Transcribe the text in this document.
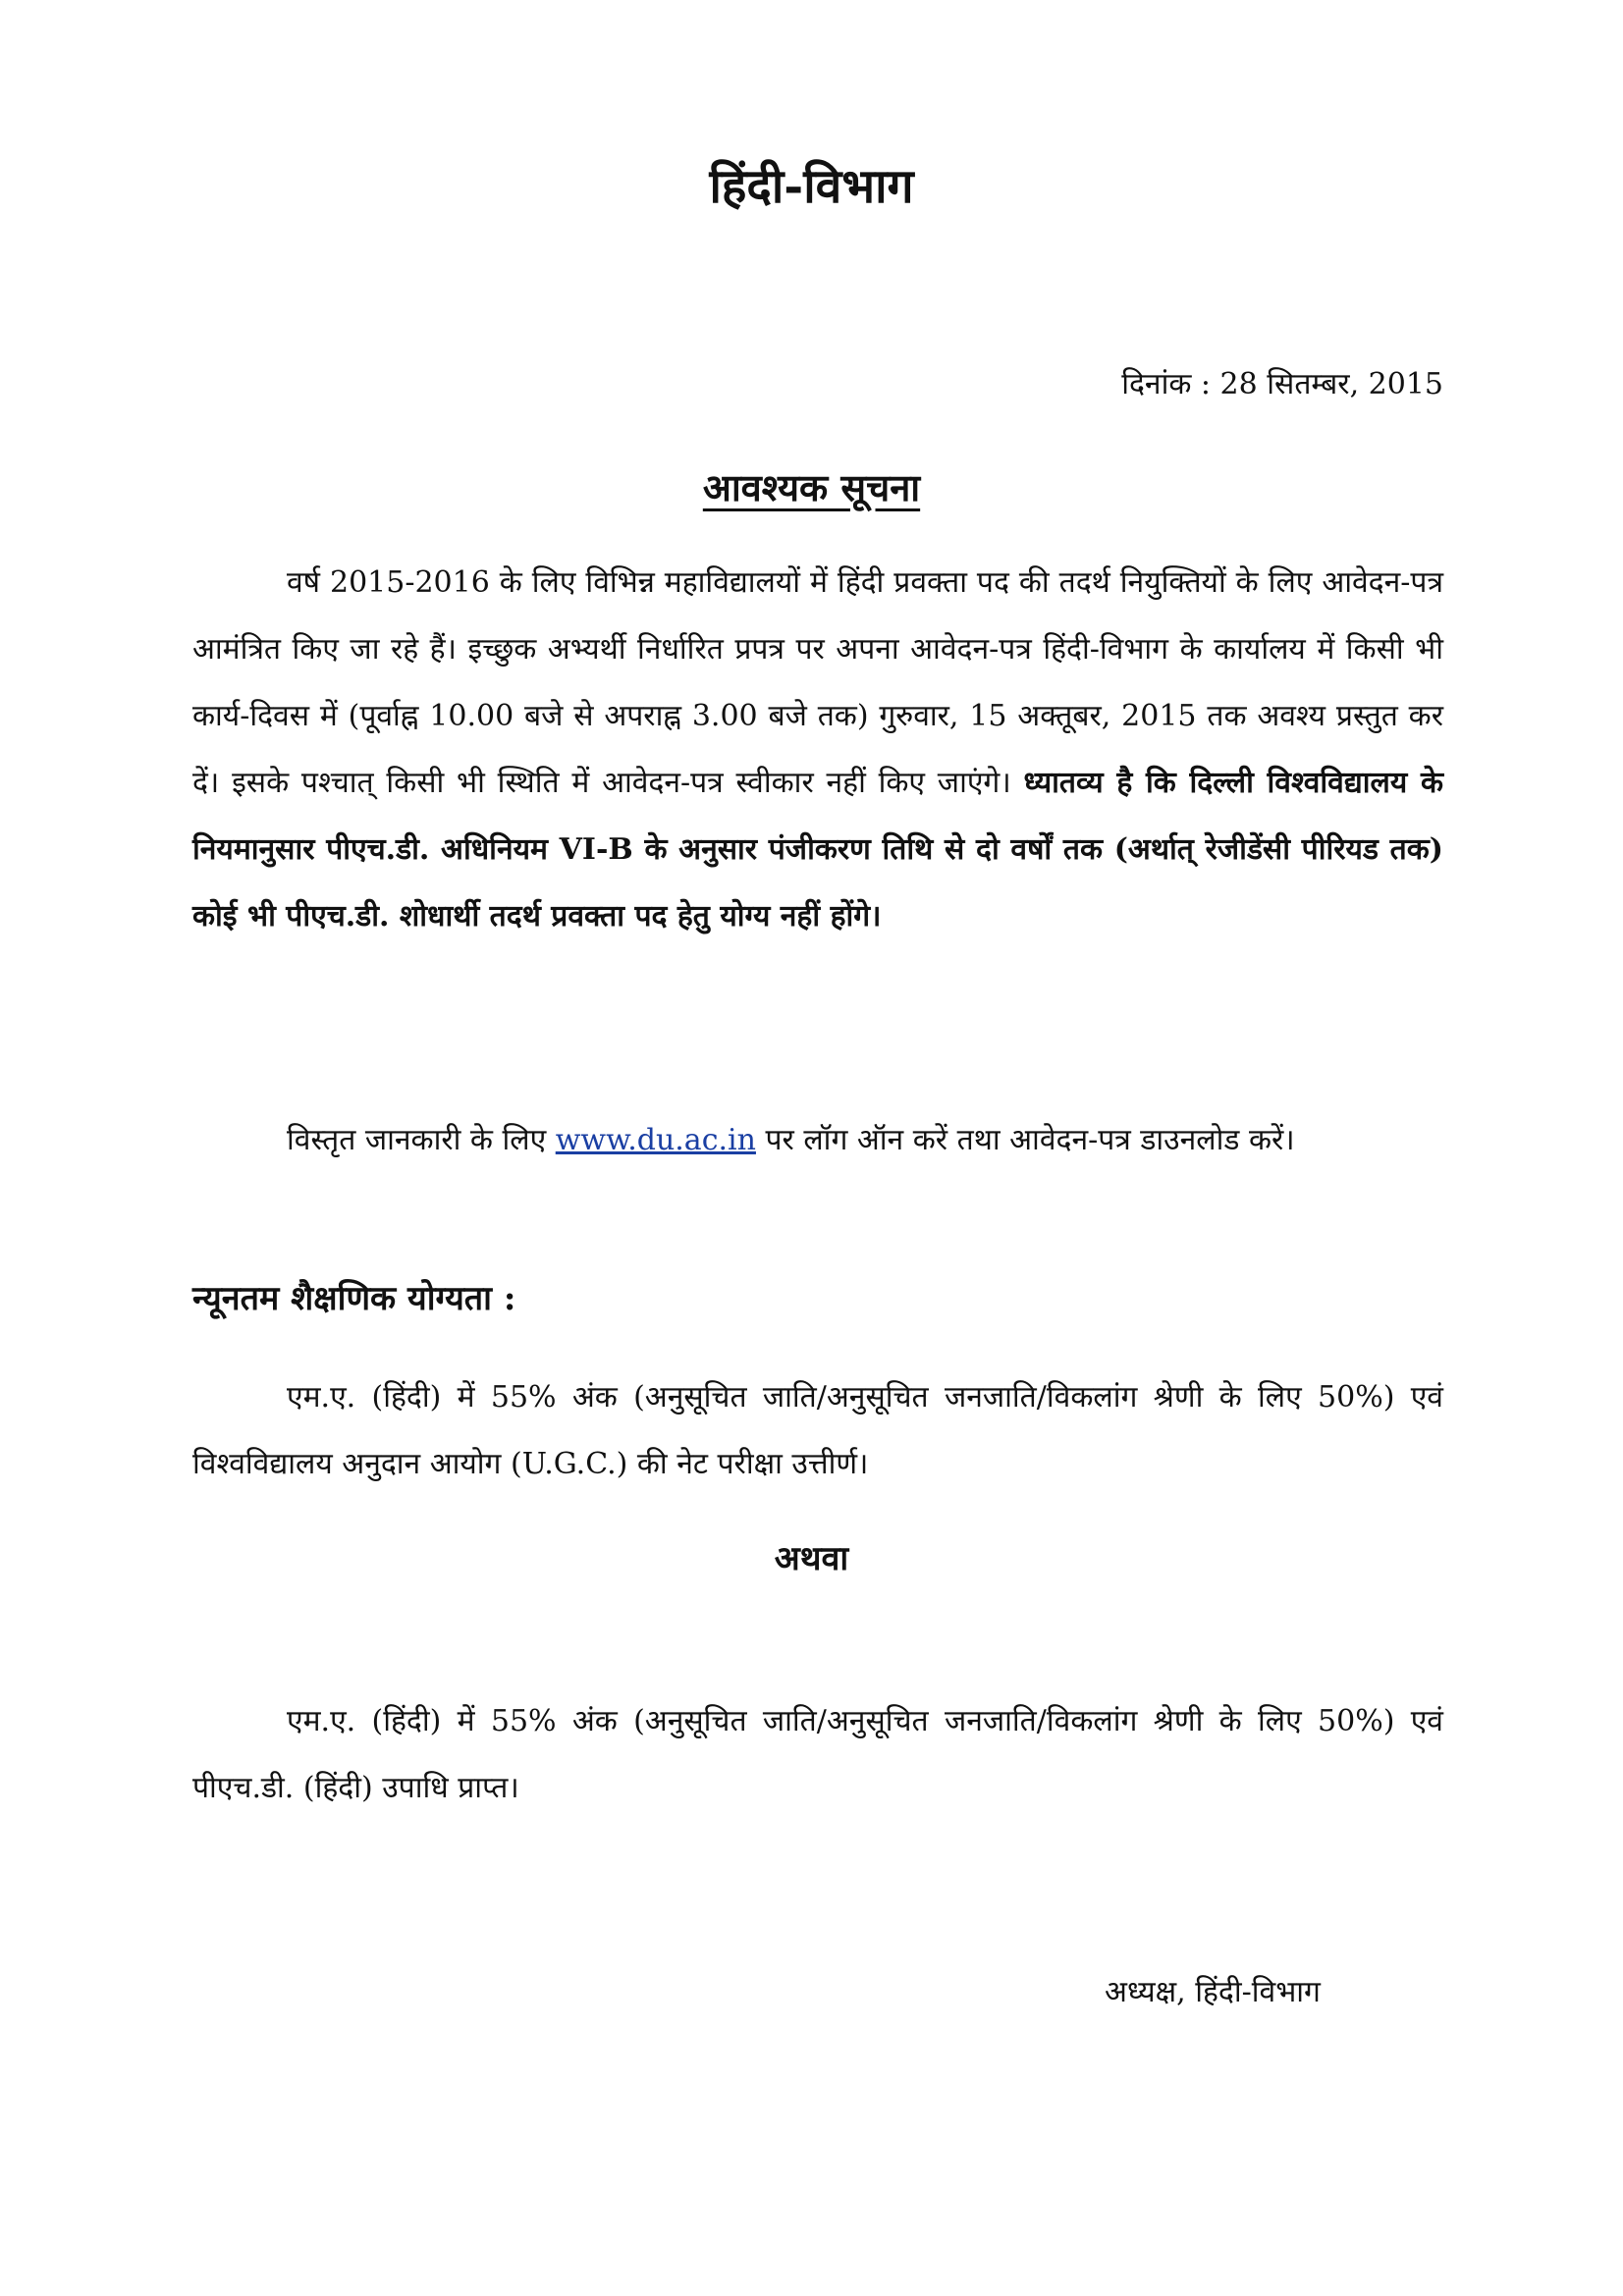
हिंदी-विभाग
दिनांक : 28 सितम्बर, 2015
आवश्यक सूचना

वर्ष 2015-2016 के लिए विभिन्न महाविद्यालयों में हिंदी प्रवक्ता पद की तदर्थ नियुक्तियों के लिए आवेदन-पत्र आमंत्रित किए जा रहे हैं। इच्छुक अभ्यर्थी निर्धारित प्रपत्र पर अपना आवेदन-पत्र हिंदी-विभाग के कार्यालय में किसी भी कार्य-दिवस में (पूर्वाह्न 10.00 बजे से अपराह्न 3.00 बजे तक) गुरुवार, 15 अक्तूबर, 2015 तक अवश्य प्रस्तुत कर दें। इसके पश्चात् किसी भी स्थिति में आवेदन-पत्र स्वीकार नहीं किए जाएंगे। ध्यातव्य है कि दिल्ली विश्वविद्यालय के नियमानुसार पीएच.डी. अधिनियम VI-B के अनुसार पंजीकरण तिथि से दो वर्षों तक (अर्थात् रेजीडेंसी पीरियड तक) कोई भी पीएच.डी. शोधार्थी तदर्थ प्रवक्ता पद हेतु योग्य नहीं होंगे।

विस्तृत जानकारी के लिए www.du.ac.in पर लॉग ऑन करें तथा आवेदन-पत्र डाउनलोड करें।

न्यूनतम शैक्षणिक योग्यता :

एम.ए. (हिंदी) में 55% अंक (अनुसूचित जाति/अनुसूचित जनजाति/विकलांग श्रेणी के लिए 50%) एवं विश्वविद्यालय अनुदान आयोग (U.G.C.) की नेट परीक्षा उत्तीर्ण।

अथवा

एम.ए. (हिंदी) में 55% अंक (अनुसूचित जाति/अनुसूचित जनजाति/विकलांग श्रेणी के लिए 50%) एवं पीएच.डी. (हिंदी) उपाधि प्राप्त।

अध्यक्ष, हिंदी-विभाग
